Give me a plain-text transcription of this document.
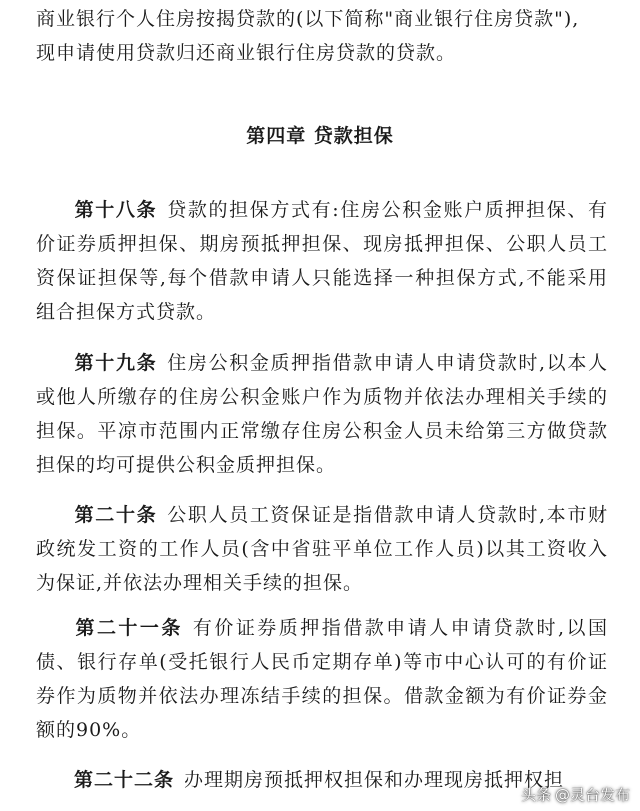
商业银行个人住房按揭贷款的(以下简称"商业银行住房贷款"),
现申请使用贷款归还商业银行住房贷款的贷款。

第四章 贷款担保

第十八条 贷款的担保方式有:住房公积金账户质押担保、有价证券质押担保、期房预抵押担保、现房抵押担保、公职人员工资保证担保等,每个借款申请人只能选择一种担保方式,不能采用组合担保方式贷款。

第十九条 住房公积金质押指借款申请人申请贷款时,以本人或他人所缴存的住房公积金账户作为质物并依法办理相关手续的担保。平凉市范围内正常缴存住房公积金人员未给第三方做贷款担保的均可提供公积金质押担保。

第二十条 公职人员工资保证是指借款申请人贷款时,本市财政统发工资的工作人员(含中省驻平单位工作人员)以其工资收入为保证,并依法办理相关手续的担保。

第二十一条 有价证券质押指借款申请人申请贷款时,以国债、银行存单(受托银行人民币定期存单)等市中心认可的有价证券作为质物并依法办理冻结手续的担保。借款金额为有价证券金额的90%。

第二十二条 办理期房预抵押权担保和办理现房抵押权担

头条 @灵台发布
